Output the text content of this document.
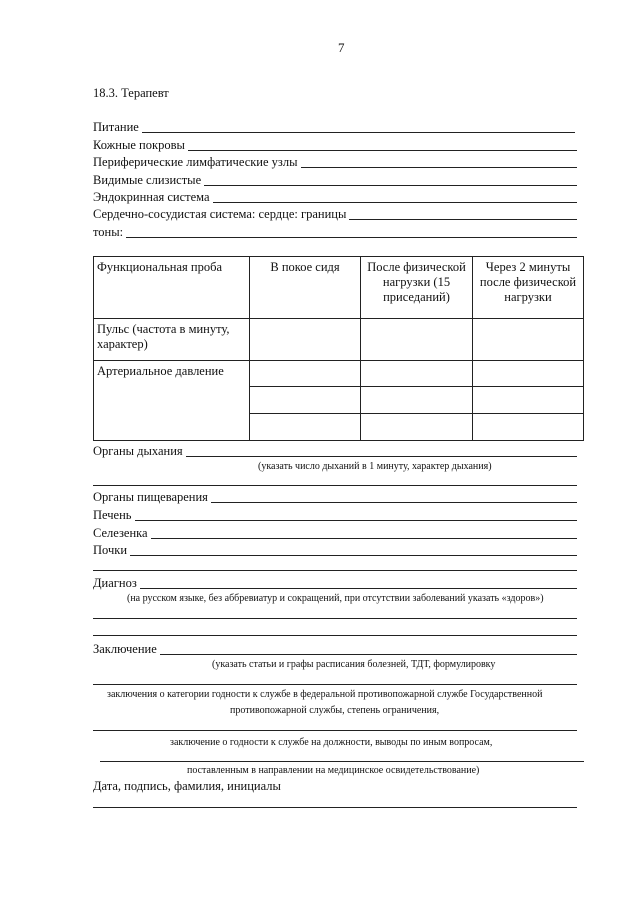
7
18.3. Терапевт
Питание
Кожные покровы
Периферические лимфатические узлы
Видимые слизистые
Эндокринная система
Сердечно-сосудистая система: сердце: границы
тоны:
Функциональная проба	В покое сидя	После физической нагрузки (15 приседаний)	Через 2 минуты после физической нагрузки
Пульс (частота в минуту, характер)			
Артериальное давление			

Органы дыхания
(указать число дыханий в 1 минуту, характер дыхания)
Органы пищеварения
Печень
Селезенка
Почки
Диагноз
(на русском языке, без аббревиатур и сокращений, при отсутствии заболеваний указать «здоров»)
Заключение
(указать статьи и графы расписания болезней, ТДТ, формулировку
заключения о категории годности к службе в федеральной противопожарной службе Государственной
противопожарной службы, степень ограничения,
заключение о годности к службе на должности, выводы по иным вопросам,
поставленным в направлении на медицинское освидетельствование)
Дата, подпись, фамилия, инициалы
